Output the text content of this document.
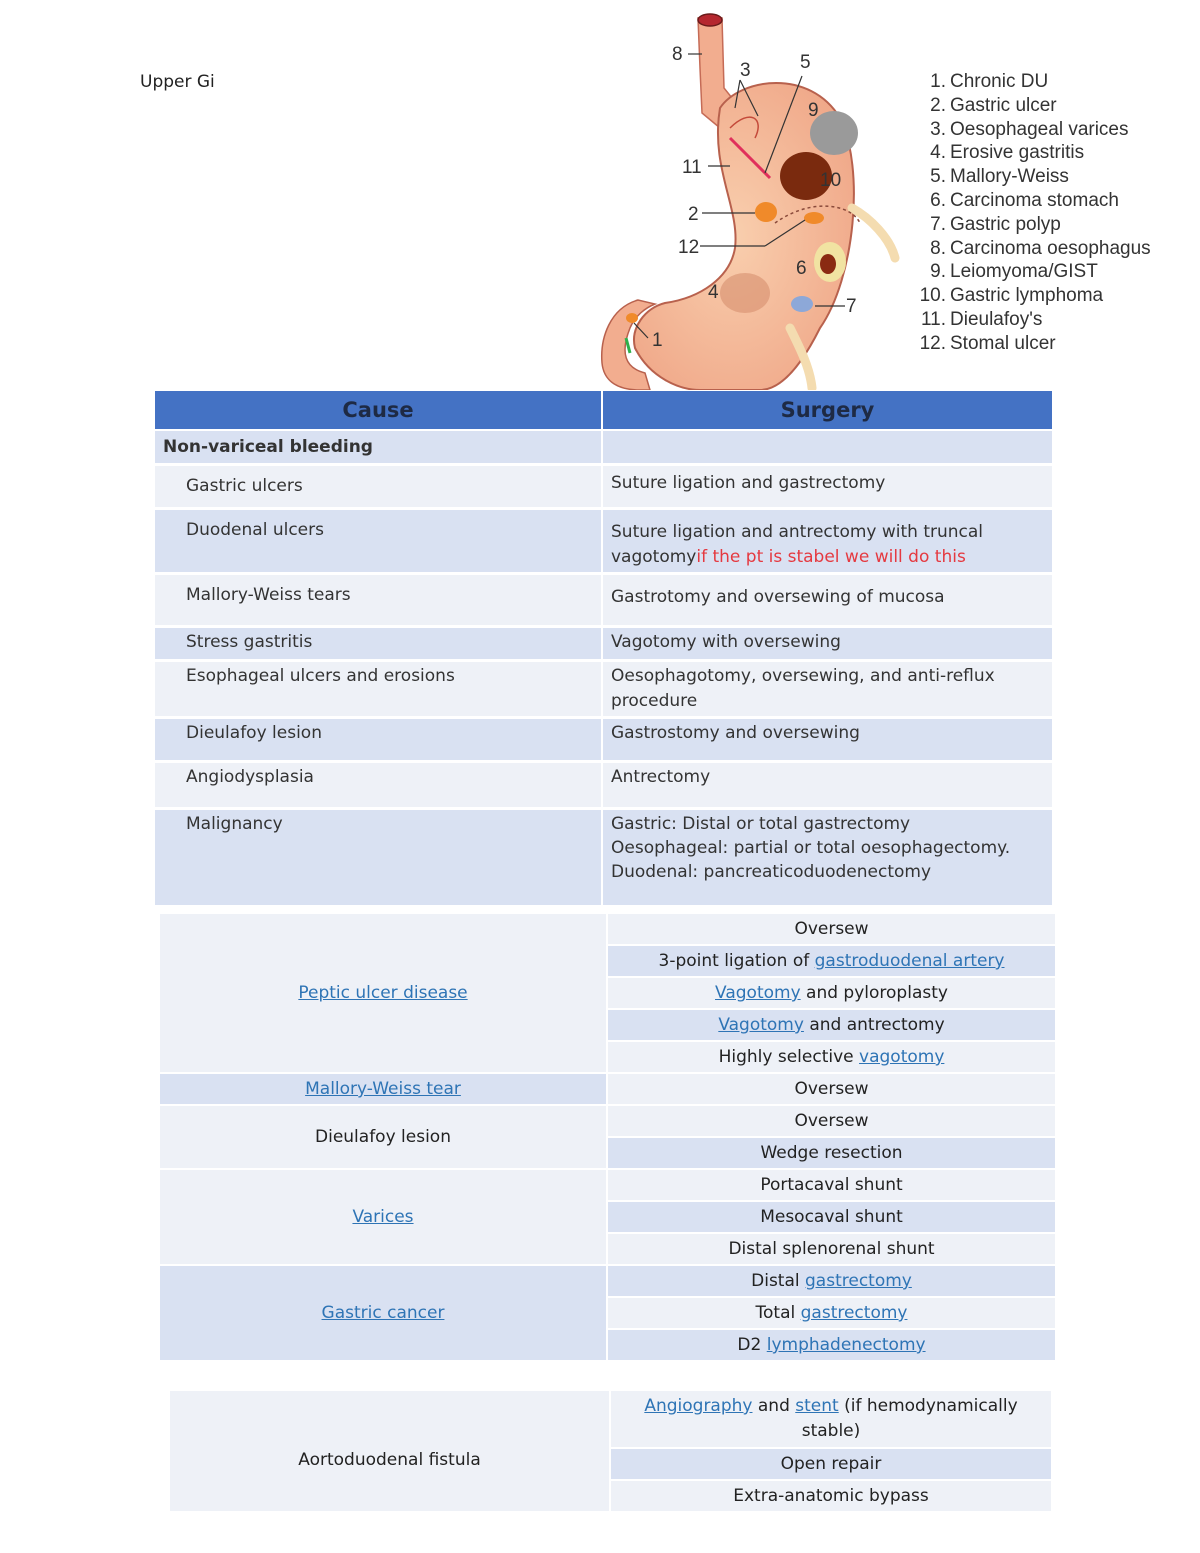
Upper Gi
8
3	5
9
11
10
2
12
6
4
7
1
1. Chronic DU
2. Gastric ulcer
3. Oesophageal varices
4. Erosive gastritis
5. Mallory-Weiss
6. Carcinoma stomach
7. Gastric polyp
8. Carcinoma oesophagus
9. Leiomyoma/GIST
10. Gastric lymphoma
11. Dieulafoy's
12. Stomal ulcer
Cause	Surgery
Non-variceal bleeding	
Gastric ulcers	Suture ligation and gastrectomy
Duodenal ulcers	Suture ligation and antrectomy with truncal vagotomyif the pt is stabel we will do this
Mallory-Weiss tears	Gastrotomy and oversewing of mucosa
Stress gastritis	Vagotomy with oversewing
Esophageal ulcers and erosions	Oesophagotomy, oversewing, and anti-reflux procedure
Dieulafoy lesion	Gastrostomy and oversewing
Angiodysplasia	Antrectomy
Malignancy	Gastric: Distal or total gastrectomy
Oesophageal: partial or total oesophagectomy.
Duodenal: pancreaticoduodenectomy
Peptic ulcer disease	Oversew
	3-point ligation of gastroduodenal artery
	Vagotomy and pyloroplasty
	Vagotomy and antrectomy
	Highly selective vagotomy
Mallory-Weiss tear	Oversew
Dieulafoy lesion	Oversew
	Wedge resection
Varices	Portacaval shunt
	Mesocaval shunt
	Distal splenorenal shunt
Gastric cancer	Distal gastrectomy
	Total gastrectomy
	D2 lymphadenectomy
Aortoduodenal fistula	Angiography and stent (if hemodynamically stable)
Open repair
Extra-anatomic bypass
